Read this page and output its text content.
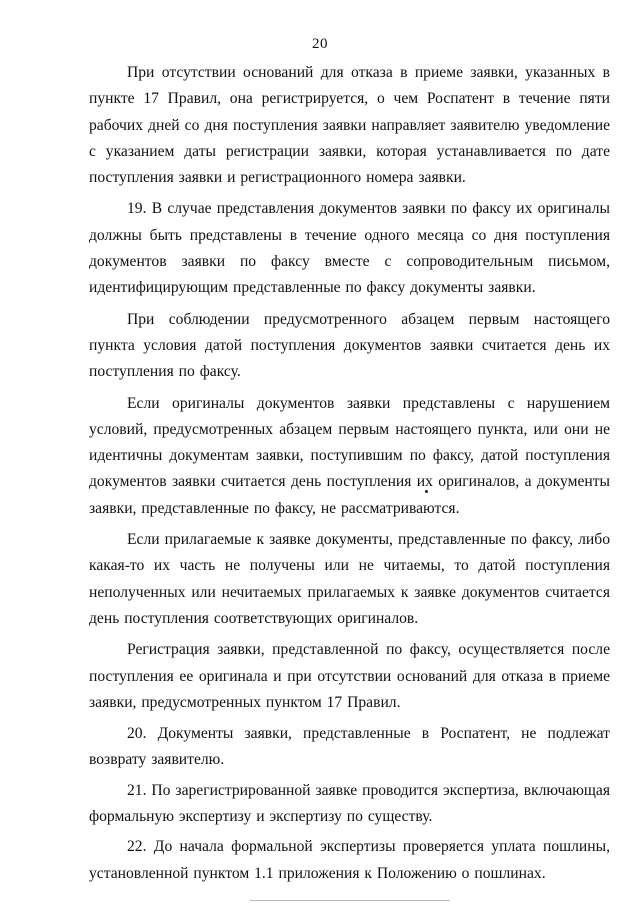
20

При отсутствии оснований для отказа в приеме заявки, указанных в пункте 17 Правил, она регистрируется, о чем Роспатент в течение пяти рабочих дней со дня поступления заявки направляет заявителю уведомление с указанием даты регистрации заявки, которая устанавливается по дате поступления заявки и регистрационного номера заявки.

19. В случае представления документов заявки по факсу их оригиналы должны быть представлены в течение одного месяца со дня поступления документов заявки по факсу вместе с сопроводительным письмом, идентифицирующим представленные по факсу документы заявки.

При соблюдении предусмотренного абзацем первым настоящего пункта условия датой поступления документов заявки считается день их поступления по факсу.

Если оригиналы документов заявки представлены с нарушением условий, предусмотренных абзацем первым настоящего пункта, или они не идентичны документам заявки, поступившим по факсу, датой поступления документов заявки считается день поступления их оригиналов, а документы заявки, представленные по факсу, не рассматриваются.

Если прилагаемые к заявке документы, представленные по факсу, либо какая-то их часть не получены или не читаемы, то датой поступления неполученных или нечитаемых прилагаемых к заявке документов считается день поступления соответствующих оригиналов.

Регистрация заявки, представленной по факсу, осуществляется после поступления ее оригинала и при отсутствии оснований для отказа в приеме заявки, предусмотренных пунктом 17 Правил.

20. Документы заявки, представленные в Роспатент, не подлежат возврату заявителю.

21. По зарегистрированной заявке проводится экспертиза, включающая формальную экспертизу и экспертизу по существу.

22. До начала формальной экспертизы проверяется уплата пошлины, установленной пунктом 1.1 приложения к Положению о пошлинах.
